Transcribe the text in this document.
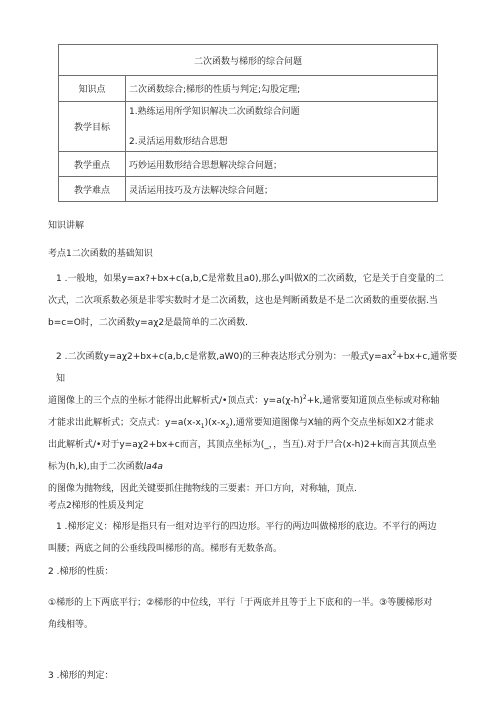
二次函数与梯形的综合问题	
知识点	二次函数综合;梯形的性质与判定;勾股定理;
教学目标	1.熟练运用所学知识解决二次函数综合问题
2.灵活运用数形结合思想

教学重点	巧妙运用数形结合思想解决综合问题；
教学难点	灵活运用技巧及方法解决综合问题；
知识讲解
考点1二次函数的基础知识
1 .一般地，如果y=ax?+bx+c(a,b,C是常数且a0),那么y叫做X的二次函数，它是关于自变量的二
次式，二次项系数必须是非零实数时才是二次函数，这也是判断函数是不是二次函数的重要依据.当
b=c=O时，二次函数y=aχ2是最简单的二次函数.
2 .二次函数y=aχ2+bx+c(a,b,c是常数,aW0)的三种表达形式分别为：一般式$y=ax^2+bx+c$,通常要知
道图像上的三个点的坐标才能得出此解析式∕•顶点式：$y=a(\chi-h)^2+k$,通常要知道顶点坐标或对称轴
才能求出此解析式；交点式：$y=a(x-x_1)(x-x_2)$,通常要知道图像与X轴的两个交点坐标如X2才能求
出此解析式∕•对于y=aχ2+bx+c而言，其顶点坐标为(_，，当互).对于尸合(x-h)2+k而言其顶点坐
标为(h,k),由于二次函数la4a
的图像为抛物线，因此关键要抓住抛物线的三要素：开口方向，对称轴，顶点.
考点2梯形的性质及判定
1 .梯形定义：梯形是指只有一组对边平行的四边形。平行的两边叫做梯形的底边。不平行的两边
叫腰；两底之间的公垂线段叫梯形的高。梯形有无数条高。
2 .梯形的性质：
①梯形的上下两底平行；②梯形的中位线，平行「于两底并且等于上下底和的一半。③等腰梯形对
角线相等。
3 .梯形的判定：
